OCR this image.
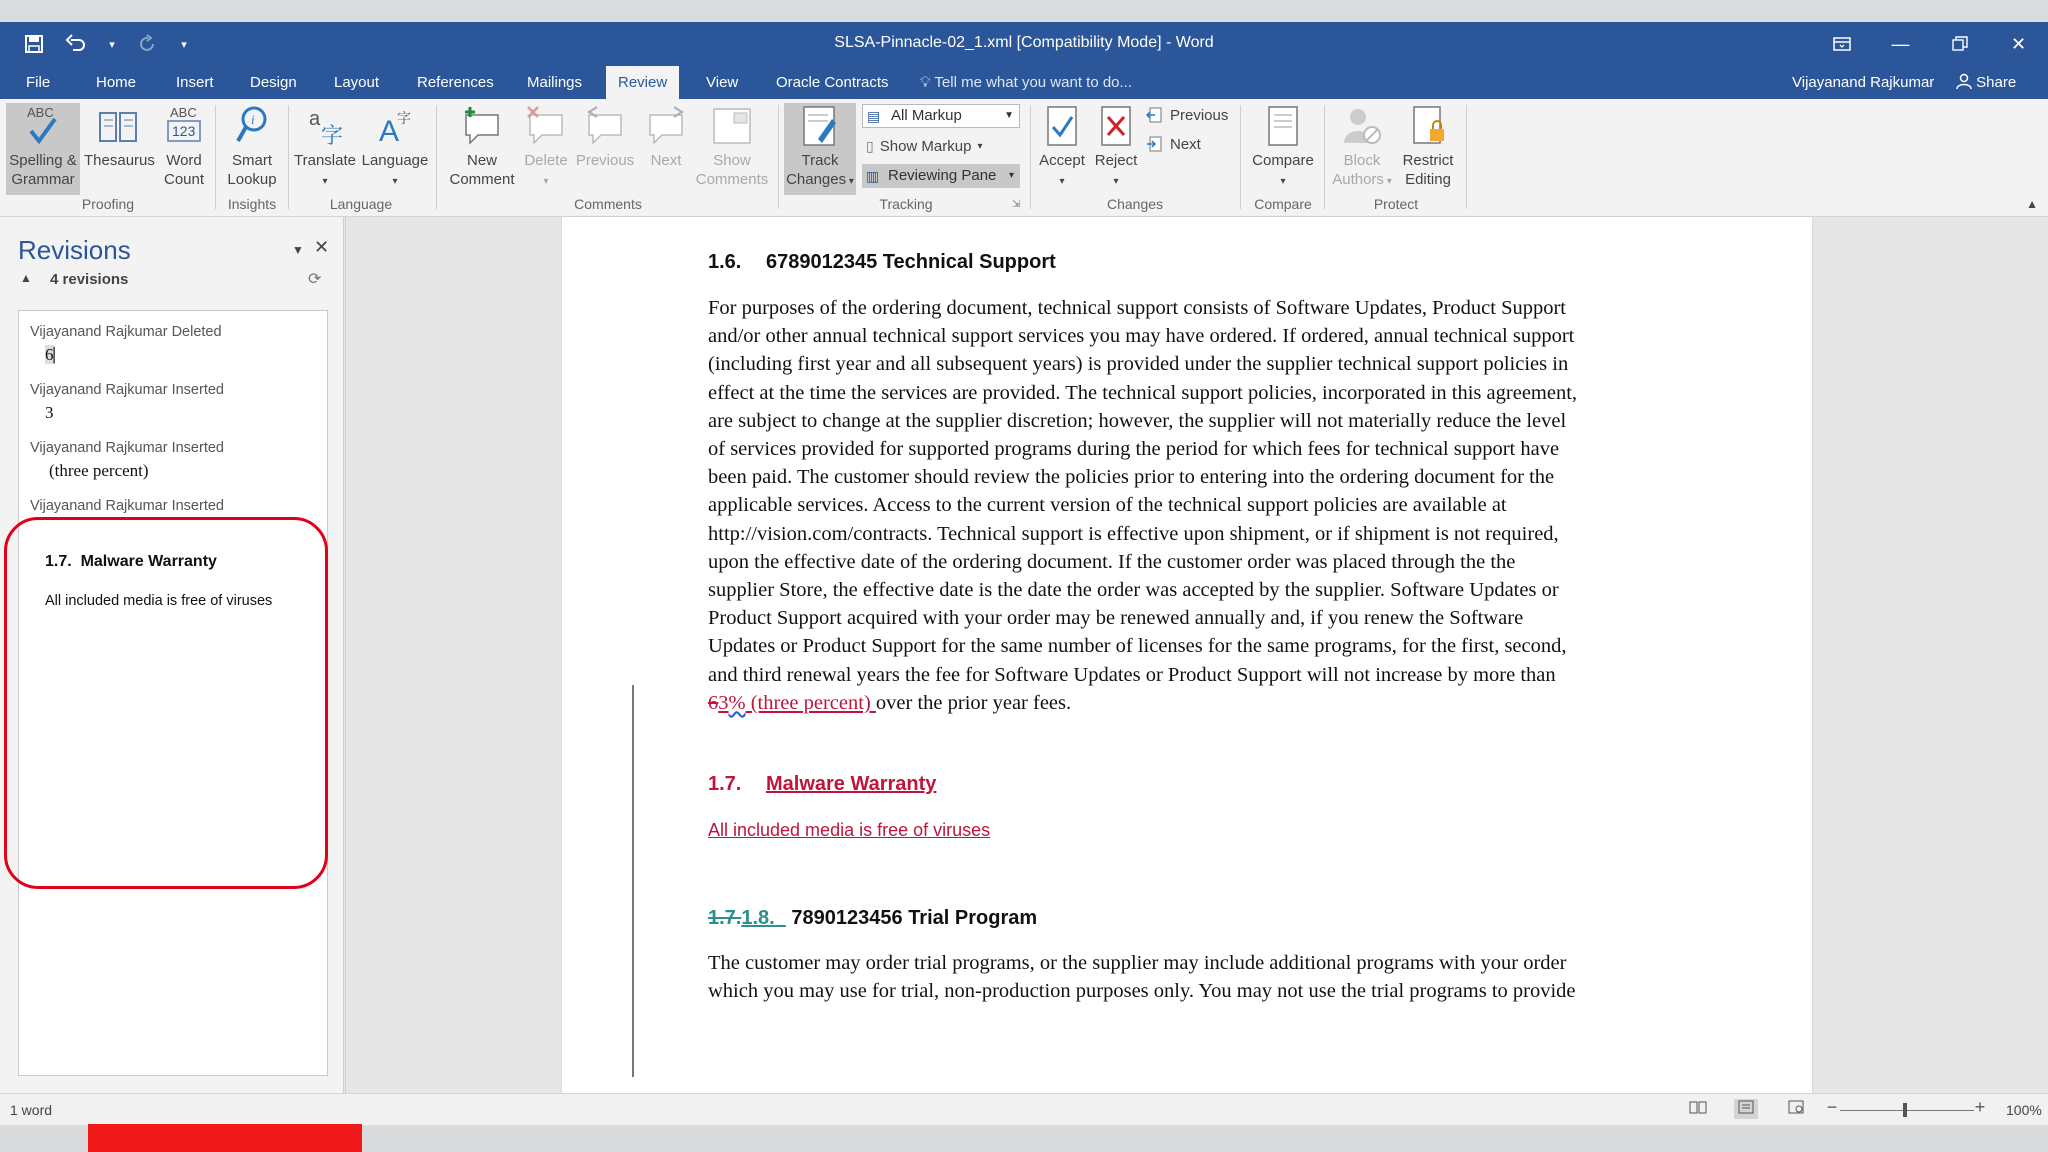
▾	▾	SLSA-Pinnacle-02_1.xml [Compatibility Mode] - Word	—	✕
File	Home	Insert	Design	Layout	References	Mailings	Review	View	Oracle Contracts	💡︎ Tell me what you want to do...	Vijayanand Rajkumar	Share
ABC
Spelling &
Grammar
Thesaurus
ABC
123
Word
Count
Proofing
i
Smart
Lookup
Insights
a
字
Translate
▾
A
字
Language
▾
Language
New
Comment
Delete
▾
Previous	Next	Show
Comments
Comments
Track
Changes ▾
▤ All Markup	▼
▯ Show Markup ▾
▥ Reviewing Pane ▾
Tracking	⇲
Accept
▾
Reject
▾
Previous
Next
Changes
Compare
▾
Compare
Block
Authors ▾
Restrict
Editing
Protect	▲
Revisions	▼ ✕
▲ 4 revisions	⟳
Vijayanand Rajkumar Deleted
6▏
Vijayanand Rajkumar Inserted
3
Vijayanand Rajkumar Inserted
(three percent)
Vijayanand Rajkumar Inserted
1.7. Malware Warranty
All included media is free of viruses
1.6. 6789012345 Technical Support
For purposes of the ordering document, technical support consists of Software Updates, Product Support
and/or other annual technical support services you may have ordered. If ordered, annual technical support
(including first year and all subsequent years) is provided under the supplier technical support policies in
effect at the time the services are provided. The technical support policies, incorporated in this agreement,
are subject to change at the supplier discretion; however, the supplier will not materially reduce the level
of services provided for supported programs during the period for which fees for technical support have
been paid. The customer should review the policies prior to entering into the ordering document for the
applicable services. Access to the current version of the technical support policies are available at
http://vision.com/contracts. Technical support is effective upon shipment, or if shipment is not required,
upon the effective date of the ordering document. If the customer order was placed through the the
supplier Store, the effective date is the date the order was accepted by the supplier. Software Updates or
Product Support acquired with your order may be renewed annually and, if you renew the Software
Updates or Product Support for the same number of licenses for the same programs, for the first, second,
and third renewal years the fee for Software Updates or Product Support will not increase by more than
63% (three percent) over the prior year fees.
1.7. Malware Warranty
All included media is free of viruses
1.7.1.8. 7890123456 Trial Program
The customer may order trial programs, or the supplier may include additional programs with your order
which you may use for trial, non-production purposes only. You may not use the trial programs to provide
1 word	−	+	100%
